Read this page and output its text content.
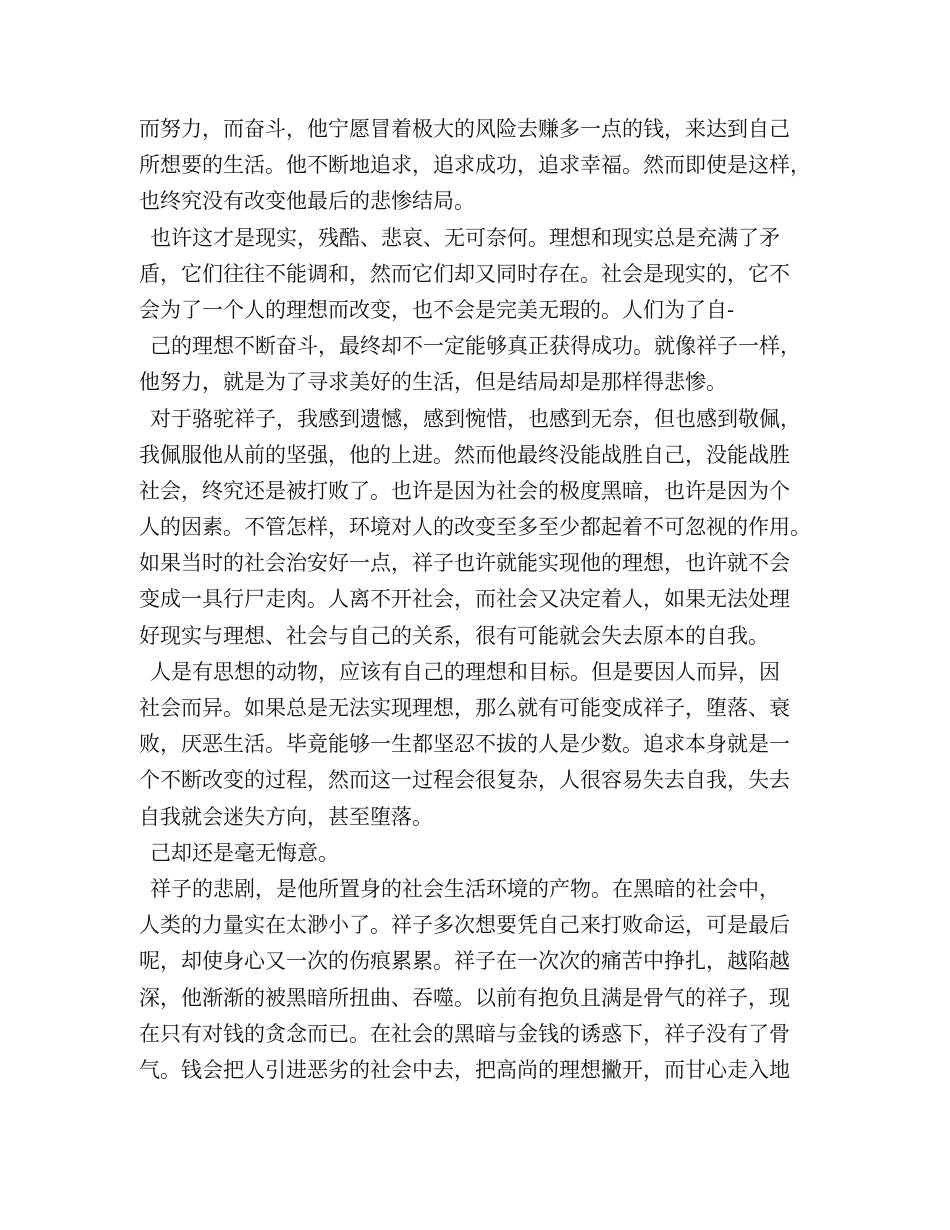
而努力，而奋斗，他宁愿冒着极大的风险去赚多一点的钱，来达到自己
所想要的生活。他不断地追求，追求成功，追求幸福。然而即使是这样，
也终究没有改变他最后的悲惨结局。
也许这才是现实，残酷、悲哀、无可奈何。理想和现实总是充满了矛
盾，它们往往不能调和，然而它们却又同时存在。社会是现实的，它不
会为了一个人的理想而改变，也不会是完美无瑕的。人们为了自-
己的理想不断奋斗，最终却不一定能够真正获得成功。就像祥子一样，
他努力，就是为了寻求美好的生活，但是结局却是那样得悲惨。
对于骆驼祥子，我感到遗憾，感到惋惜，也感到无奈，但也感到敬佩，
我佩服他从前的坚强，他的上进。然而他最终没能战胜自己，没能战胜
社会，终究还是被打败了。也许是因为社会的极度黑暗，也许是因为个
人的因素。不管怎样，环境对人的改变至多至少都起着不可忽视的作用。
如果当时的社会治安好一点，祥子也许就能实现他的理想，也许就不会
变成一具行尸走肉。人离不开社会，而社会又决定着人，如果无法处理
好现实与理想、社会与自己的关系，很有可能就会失去原本的自我。
人是有思想的动物，应该有自己的理想和目标。但是要因人而异，因
社会而异。如果总是无法实现理想，那么就有可能变成祥子，堕落、衰
败，厌恶生活。毕竟能够一生都坚忍不拔的人是少数。追求本身就是一
个不断改变的过程，然而这一过程会很复杂，人很容易失去自我，失去
自我就会迷失方向，甚至堕落。
己却还是毫无悔意。
祥子的悲剧，是他所置身的社会生活环境的产物。在黑暗的社会中，
人类的力量实在太渺小了。祥子多次想要凭自己来打败命运，可是最后
呢，却使身心又一次的伤痕累累。祥子在一次次的痛苦中挣扎，越陷越
深，他渐渐的被黑暗所扭曲、吞噬。以前有抱负且满是骨气的祥子，现
在只有对钱的贪念而已。在社会的黑暗与金钱的诱惑下，祥子没有了骨
气。钱会把人引进恶劣的社会中去，把高尚的理想撇开，而甘心走入地
